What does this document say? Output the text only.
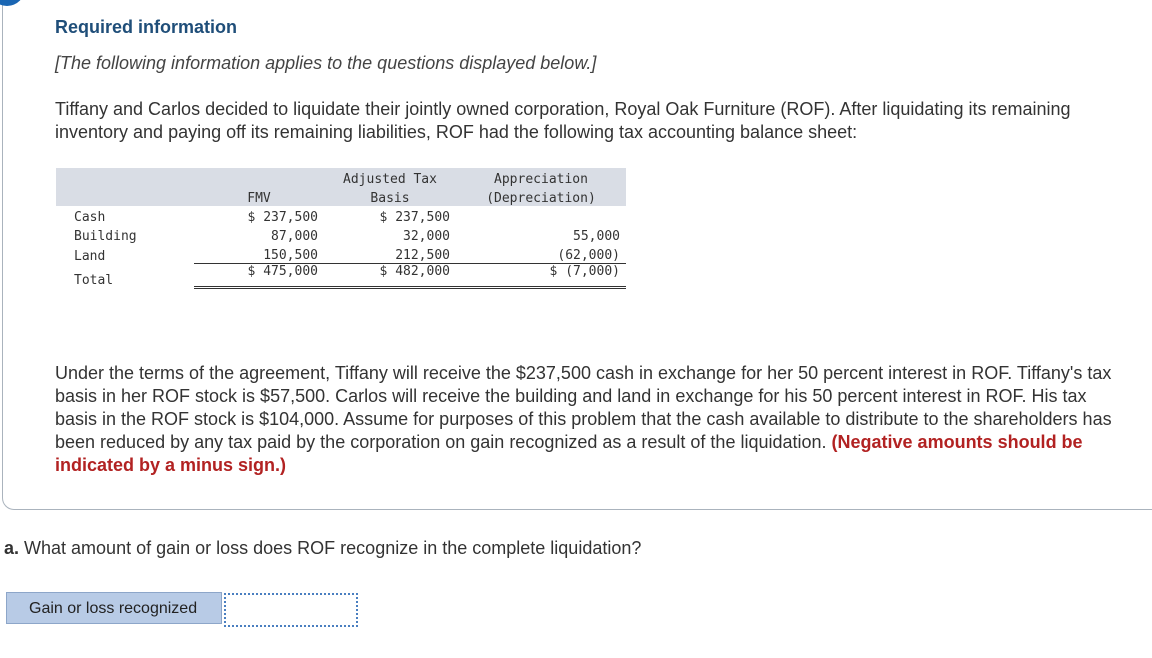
Required information
[The following information applies to the questions displayed below.]
Tiffany and Carlos decided to liquidate their jointly owned corporation, Royal Oak Furniture (ROF). After liquidating its remaining inventory and paying off its remaining liabilities, ROF had the following tax accounting balance sheet:
		Adjusted Tax	Appreciation
	FMV	Basis	(Depreciation)
Cash	$ 237,500	$ 237,500	
Building	87,000	32,000	55,000
Land	150,500	212,500	(62,000)
Total	$ 475,000	$ 482,000	$ (7,000)
Under the terms of the agreement, Tiffany will receive the $237,500 cash in exchange for her 50 percent interest in ROF. Tiffany's tax basis in her ROF stock is $57,500. Carlos will receive the building and land in exchange for his 50 percent interest in ROF. His tax basis in the ROF stock is $104,000. Assume for purposes of this problem that the cash available to distribute to the shareholders has been reduced by any tax paid by the corporation on gain recognized as a result of the liquidation. (Negative amounts should be indicated by a minus sign.)
a. What amount of gain or loss does ROF recognize in the complete liquidation?
Gain or loss recognized
